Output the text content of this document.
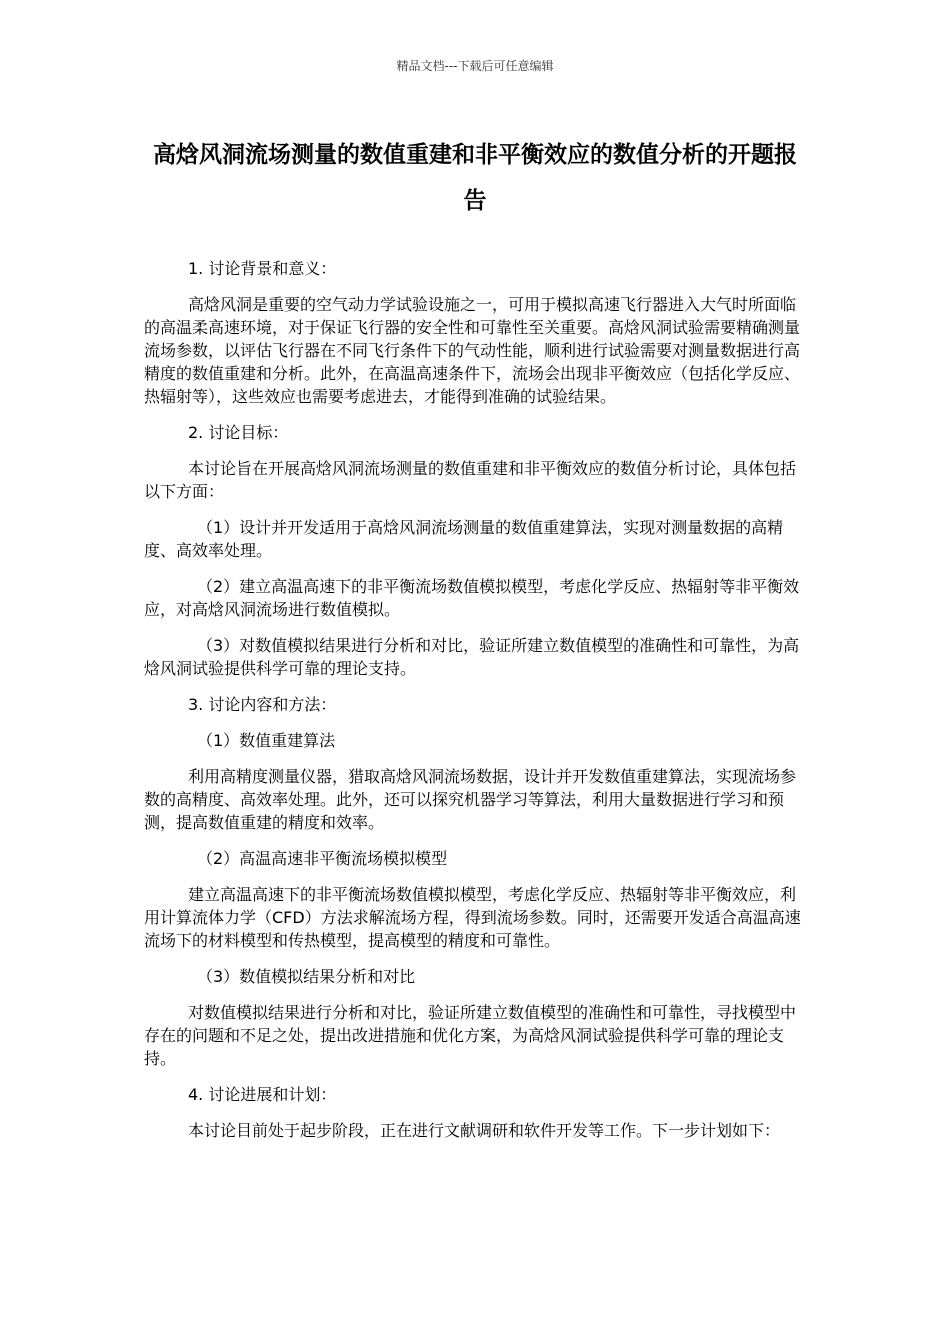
精品文档---下载后可任意编辑
高焓风洞流场测量的数值重建和非平衡效应的数值分析的开题报告

1. 讨论背景和意义：

高焓风洞是重要的空气动力学试验设施之一，可用于模拟高速飞行器进入大气时所面临的高温柔高速环境，对于保证飞行器的安全性和可靠性至关重要。高焓风洞试验需要精确测量流场参数，以评估飞行器在不同飞行条件下的气动性能，顺利进行试验需要对测量数据进行高精度的数值重建和分析。此外，在高温高速条件下，流场会出现非平衡效应（包括化学反应、热辐射等），这些效应也需要考虑进去，才能得到准确的试验结果。

2. 讨论目标：

本讨论旨在开展高焓风洞流场测量的数值重建和非平衡效应的数值分析讨论，具体包括以下方面：

（1）设计并开发适用于高焓风洞流场测量的数值重建算法，实现对测量数据的高精度、高效率处理。

（2）建立高温高速下的非平衡流场数值模拟模型，考虑化学反应、热辐射等非平衡效应，对高焓风洞流场进行数值模拟。

（3）对数值模拟结果进行分析和对比，验证所建立数值模型的准确性和可靠性，为高焓风洞试验提供科学可靠的理论支持。

3. 讨论内容和方法：

（1）数值重建算法

利用高精度测量仪器，猎取高焓风洞流场数据，设计并开发数值重建算法，实现流场参数的高精度、高效率处理。此外，还可以探究机器学习等算法，利用大量数据进行学习和预测，提高数值重建的精度和效率。

（2）高温高速非平衡流场模拟模型

建立高温高速下的非平衡流场数值模拟模型，考虑化学反应、热辐射等非平衡效应，利用计算流体力学（CFD）方法求解流场方程，得到流场参数。同时，还需要开发适合高温高速流场下的材料模型和传热模型，提高模型的精度和可靠性。

（3）数值模拟结果分析和对比

对数值模拟结果进行分析和对比，验证所建立数值模型的准确性和可靠性，寻找模型中存在的问题和不足之处，提出改进措施和优化方案，为高焓风洞试验提供科学可靠的理论支持。

4. 讨论进展和计划：

本讨论目前处于起步阶段，正在进行文献调研和软件开发等工作。下一步计划如下：
